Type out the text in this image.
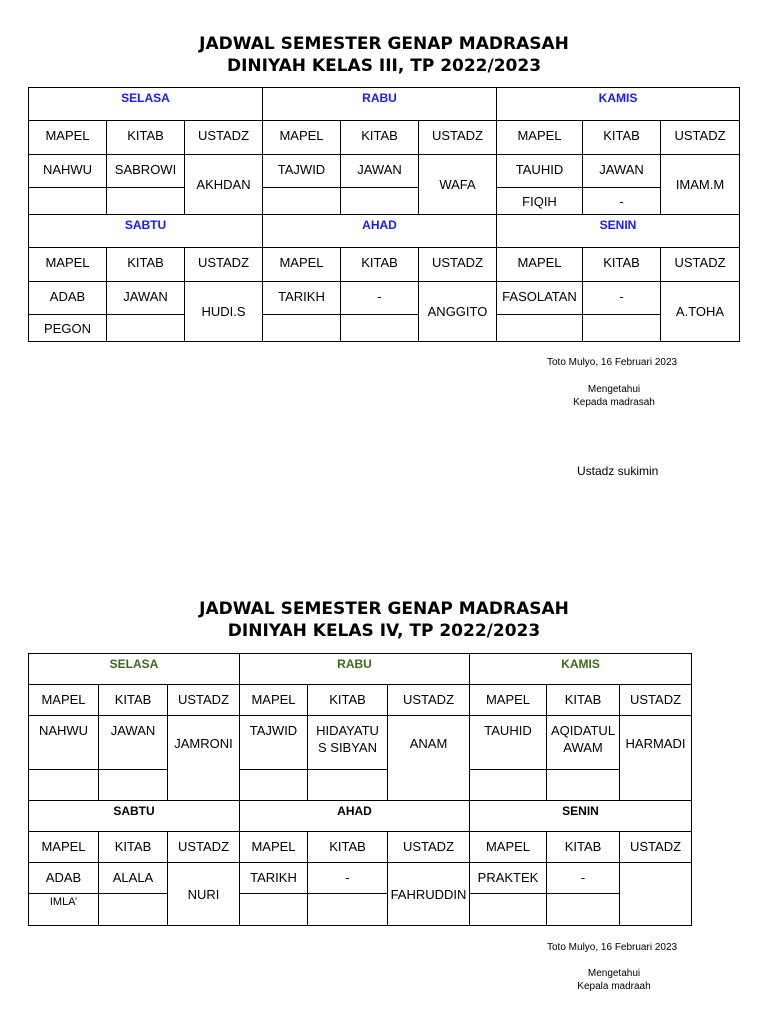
JADWAL SEMESTER GENAP MADRASAH
DINIYAH KELAS III, TP 2022/2023
SELASA			RABU			KAMIS		
MAPEL	KITAB	USTADZ	MAPEL	KITAB	USTADZ	MAPEL	KITAB	USTADZ
NAHWU	SABROWI	AKHDAN	TAJWID	JAWAN	WAFA	TAUHID	JAWAN	IMAM.M
						FIQIH	-	
SABTU			AHAD			SENIN		
MAPEL	KITAB	USTADZ	MAPEL	KITAB	USTADZ	MAPEL	KITAB	USTADZ
ADAB	JAWAN	HUDI.S	TARIKH	-	ANGGITO	FASOLATAN	-	A.TOHA
PEGON								
Toto Mulyo, 16 Februari 2023
Mengetahui
Kepada madrasah
Ustadz sukimin
JADWAL SEMESTER GENAP MADRASAH
DINIYAH KELAS IV, TP 2022/2023
SELASA			RABU			KAMIS		
MAPEL	KITAB	USTADZ	MAPEL	KITAB	USTADZ	MAPEL	KITAB	USTADZ
NAHWU	JAWAN	JAMRONI	TAJWID	HIDAYATU S SIBYAN	ANAM	TAUHID	AQIDATUL AWAM	HARMADI

SABTU			AHAD			SENIN		
MAPEL	KITAB	USTADZ	MAPEL	KITAB	USTADZ	MAPEL	KITAB	USTADZ
ADAB	ALALA	NURI	TARIKH	-	FAHRUDDIN	PRAKTEK	-	
IMLA’								
Toto Mulyo, 16 Februari 2023
Mengetahui
Kepala madraah
